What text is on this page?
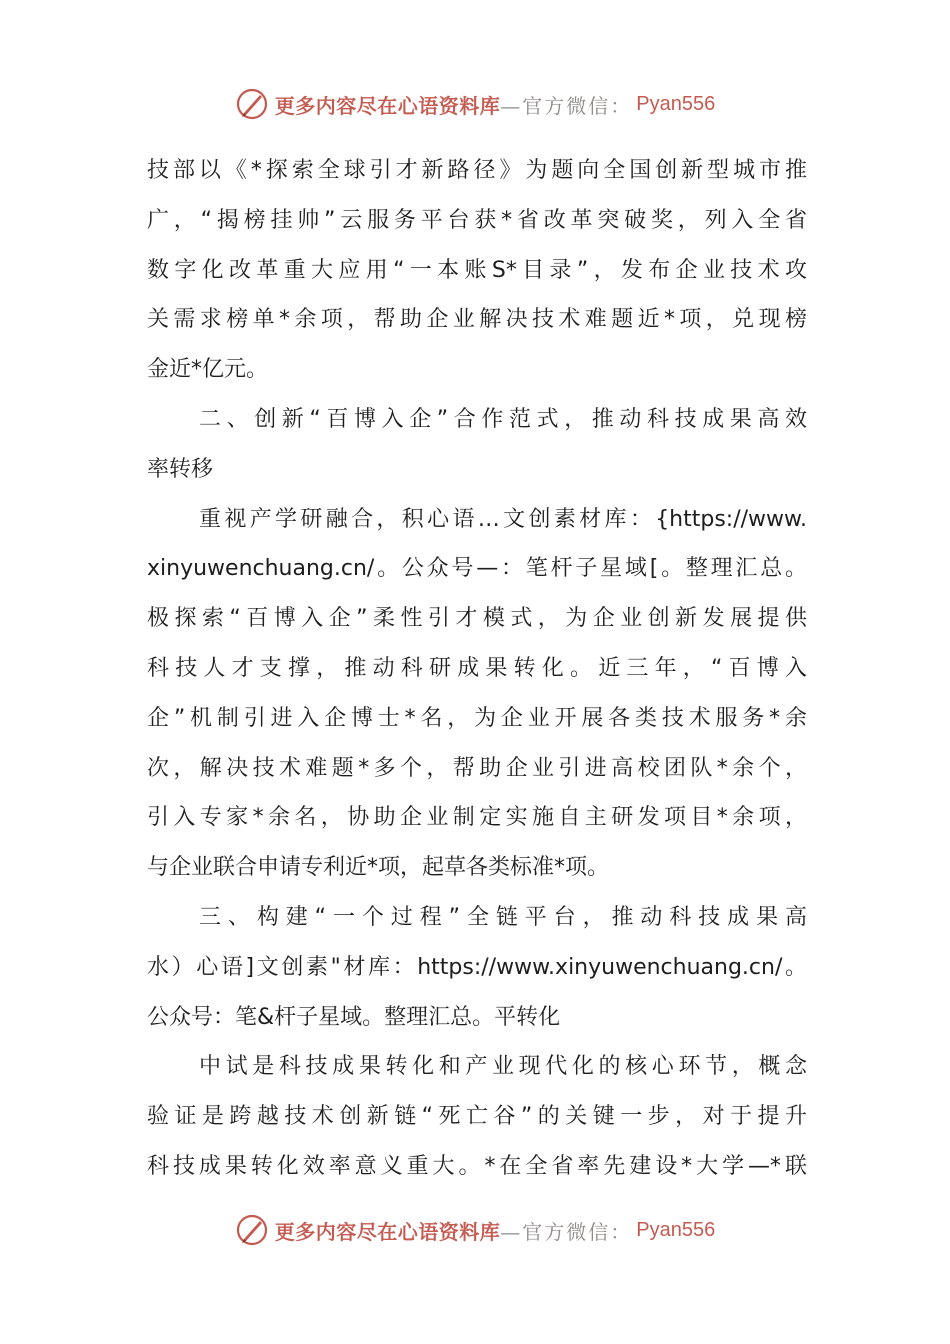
更多内容尽在心语资料库 —官方微信： Pyan556
技部以《*探索全球引才新路径》为题向全国创新型城市推
广，“揭榜挂帅”云服务平台获*省改革突破奖，列入全省
数字化改革重大应用“一本账S*目录”，发布企业技术攻
关需求榜单*余项，帮助企业解决技术难题近*项，兑现榜
金近*亿元。
二、创新“百博入企”合作范式，推动科技成果高效
率转移
重视产学研融合，积心语…文创素材库：{https://www.
xinyuwenchuang.cn/。公众号—：笔杆子星域[。整理汇总。
极探索“百博入企”柔性引才模式，为企业创新发展提供
科技人才支撑，推动科研成果转化。近三年，“百博入
企”机制引进入企博士*名，为企业开展各类技术服务*余
次，解决技术难题*多个，帮助企业引进高校团队*余个，
引入专家*余名，协助企业制定实施自主研发项目*余项，
与企业联合申请专利近*项，起草各类标准*项。
三、构建“一个过程”全链平台，推动科技成果高
水）心语]文创素"材库：https://www.xinyuwenchuang.cn/。
公众号：笔&杆子星域。整理汇总。平转化
中试是科技成果转化和产业现代化的核心环节，概念
验证是跨越技术创新链“死亡谷”的关键一步，对于提升
科技成果转化效率意义重大。*在全省率先建设*大学—*联
更多内容尽在心语资料库 —官方微信： Pyan556
